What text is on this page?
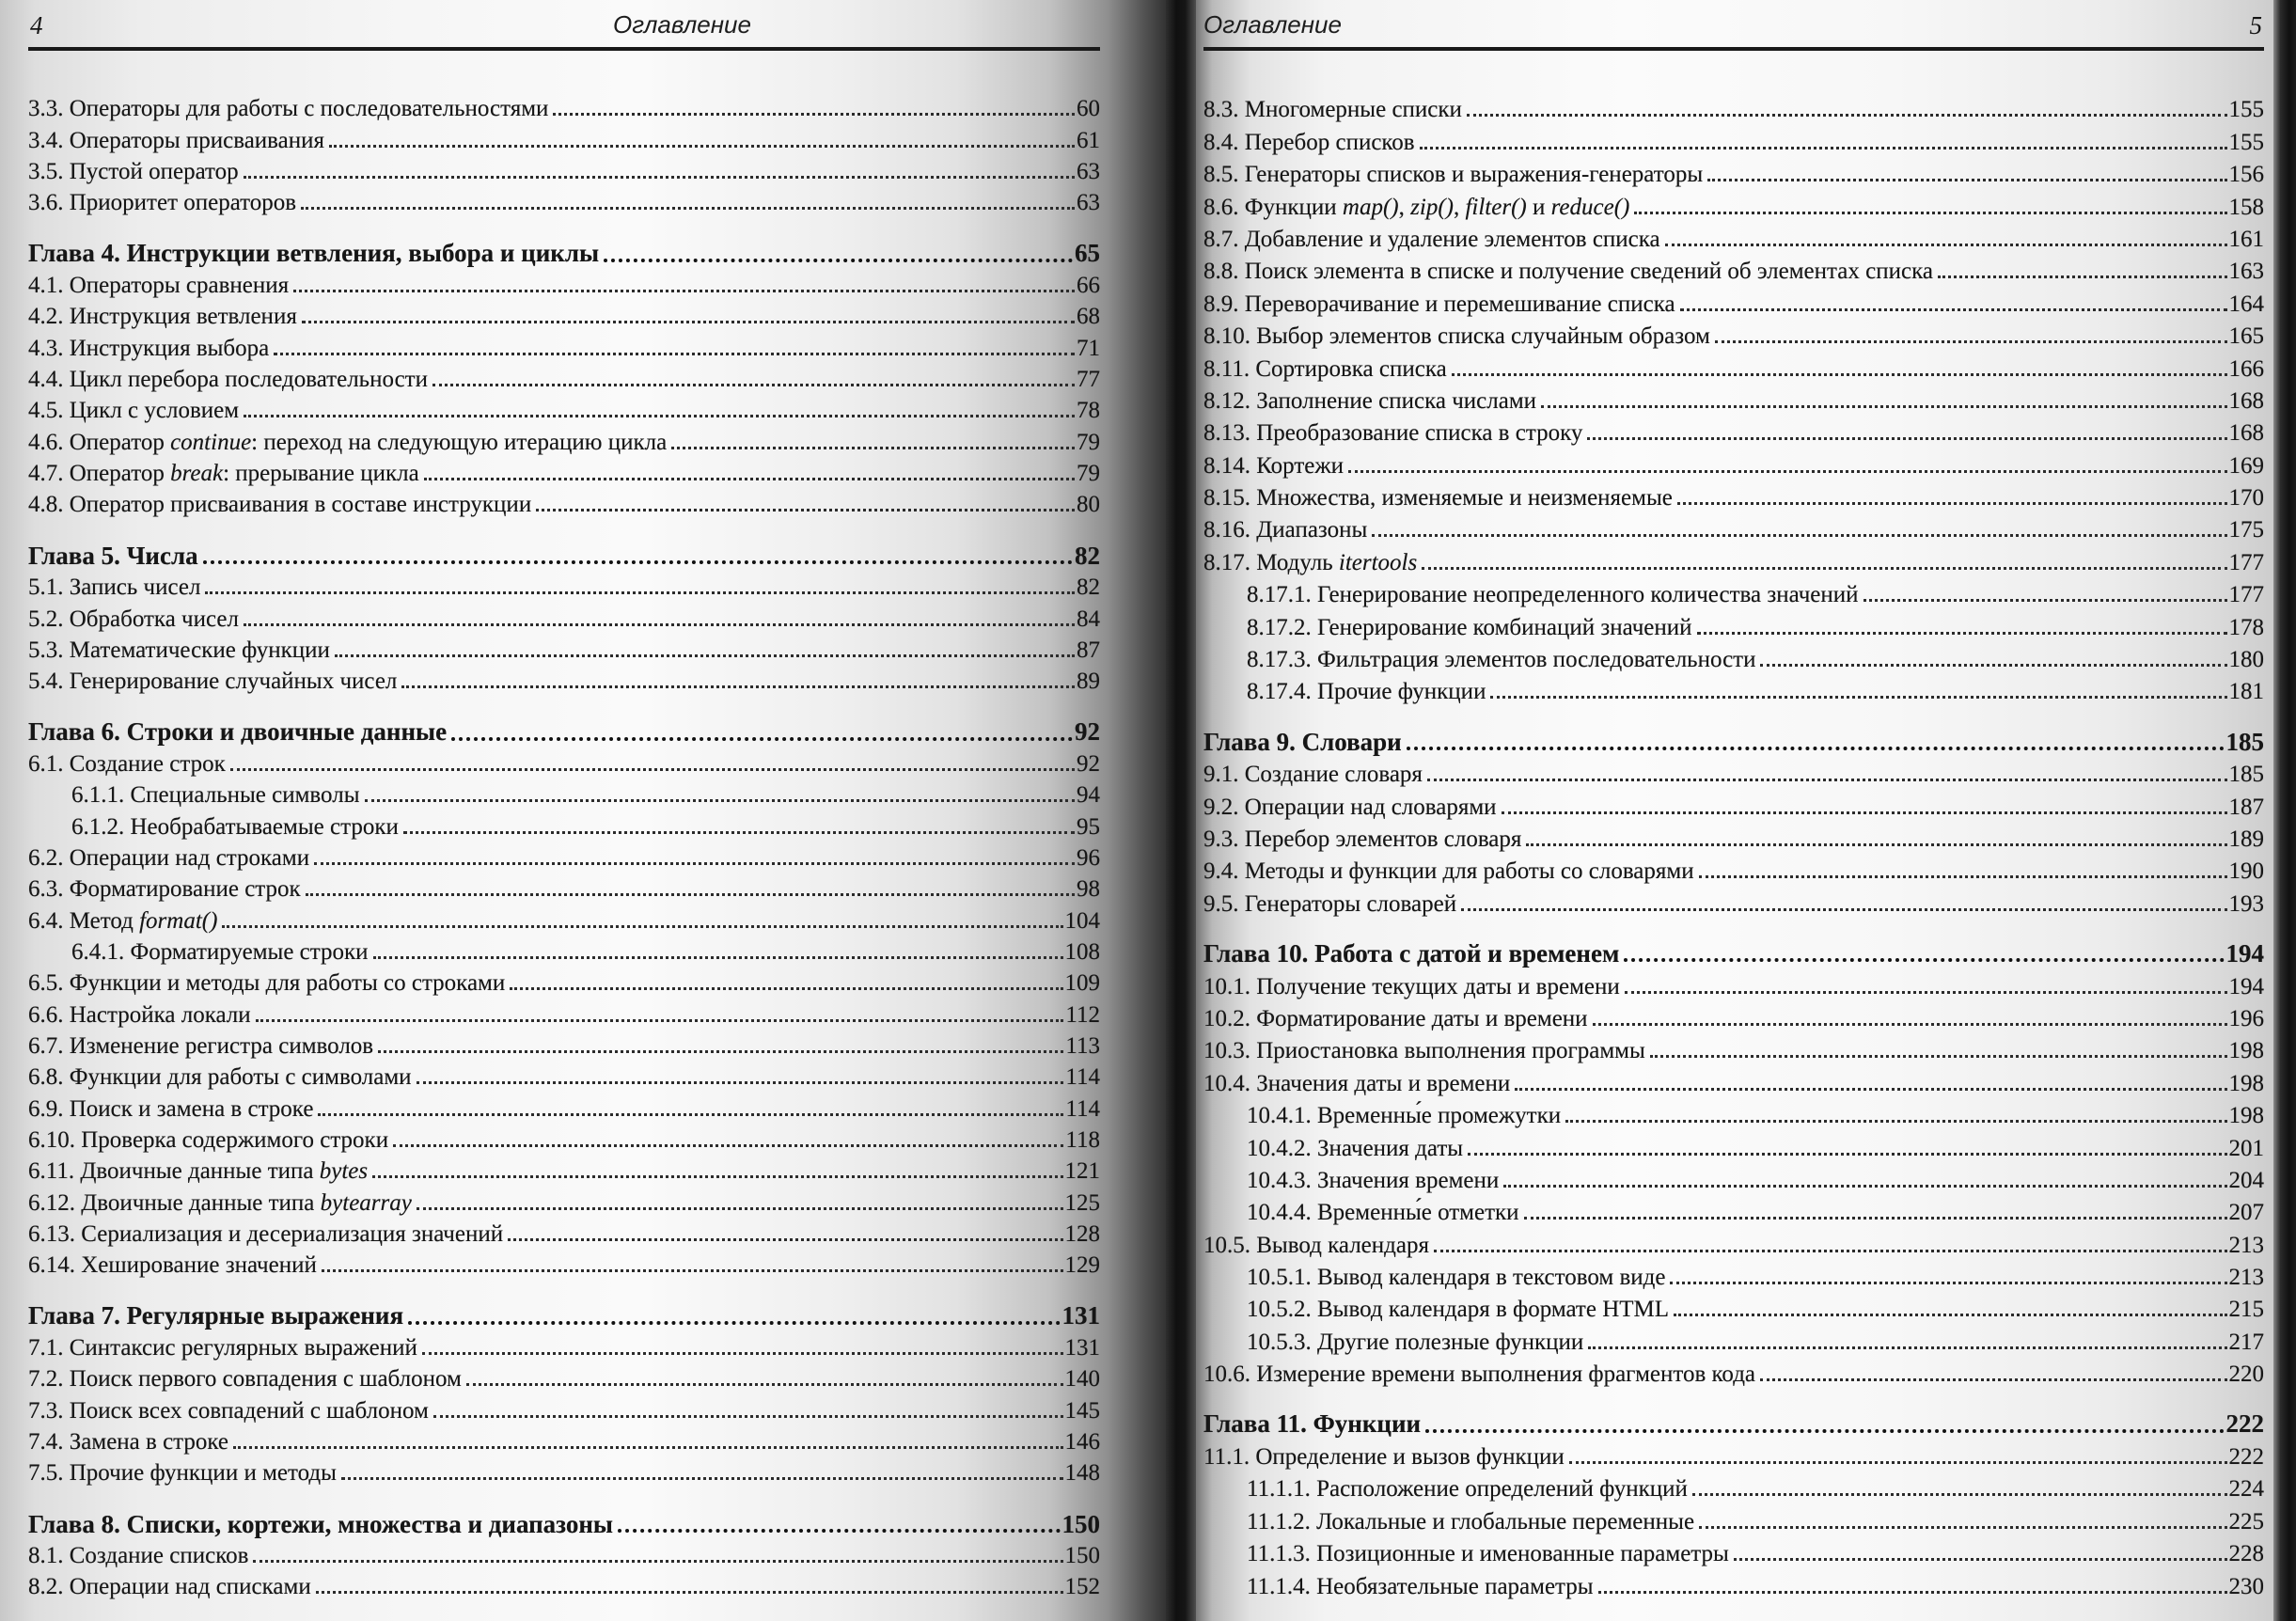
4	Оглавление
3.3. Операторы для работы с последовательностями	60
3.4. Операторы присваивания	61
3.5. Пустой оператор	63
3.6. Приоритет операторов	63
Глава 4. Инструкции ветвления, выбора и циклы	65
4.1. Операторы сравнения	66
4.2. Инструкция ветвления	68
4.3. Инструкция выбора	71
4.4. Цикл перебора последовательности	77
4.5. Цикл с условием	78
4.6. Оператор continue: переход на следующую итерацию цикла	79
4.7. Оператор break: прерывание цикла	79
4.8. Оператор присваивания в составе инструкции	80
Глава 5. Числа	82
5.1. Запись чисел	82
5.2. Обработка чисел	84
5.3. Математические функции	87
5.4. Генерирование случайных чисел	89
Глава 6. Строки и двоичные данные	92
6.1. Создание строк	92
6.1.1. Специальные символы	94
6.1.2. Необрабатываемые строки	95
6.2. Операции над строками	96
6.3. Форматирование строк	98
6.4. Метод format()	104
6.4.1. Форматируемые строки	108
6.5. Функции и методы для работы со строками	109
6.6. Настройка локали	112
6.7. Изменение регистра символов	113
6.8. Функции для работы с символами	114
6.9. Поиск и замена в строке	114
6.10. Проверка содержимого строки	118
6.11. Двоичные данные типа bytes	121
6.12. Двоичные данные типа bytearray	125
6.13. Сериализация и десериализация значений	128
6.14. Хеширование значений	129
Глава 7. Регулярные выражения	131
7.1. Синтаксис регулярных выражений	131
7.2. Поиск первого совпадения с шаблоном	140
7.3. Поиск всех совпадений с шаблоном	145
7.4. Замена в строке	146
7.5. Прочие функции и методы	148
Глава 8. Списки, кортежи, множества и диапазоны	150
8.1. Создание списков	150
8.2. Операции над списками	152
Оглавление	5
8.3. Многомерные списки	155
8.4. Перебор списков	155
8.5. Генераторы списков и выражения-генераторы	156
8.6. Функции map(), zip(), filter() и reduce()	158
8.7. Добавление и удаление элементов списка	161
8.8. Поиск элемента в списке и получение сведений об элементах списка	163
8.9. Переворачивание и перемешивание списка	164
8.10. Выбор элементов списка случайным образом	165
8.11. Сортировка списка	166
8.12. Заполнение списка числами	168
8.13. Преобразование списка в строку	168
8.14. Кортежи	169
8.15. Множества, изменяемые и неизменяемые	170
8.16. Диапазоны	175
8.17. Модуль itertools	177
8.17.1. Генерирование неопределенного количества значений	177
8.17.2. Генерирование комбинаций значений	178
8.17.3. Фильтрация элементов последовательности	180
8.17.4. Прочие функции	181
Глава 9. Словари	185
9.1. Создание словаря	185
9.2. Операции над словарями	187
9.3. Перебор элементов словаря	189
9.4. Методы и функции для работы со словарями	190
9.5. Генераторы словарей	193
Глава 10. Работа с датой и временем	194
10.1. Получение текущих даты и времени	194
10.2. Форматирование даты и времени	196
10.3. Приостановка выполнения программы	198
10.4. Значения даты и времени	198
10.4.1. Временны́е промежутки	198
10.4.2. Значения даты	201
10.4.3. Значения времени	204
10.4.4. Временны́е отметки	207
10.5. Вывод календаря	213
10.5.1. Вывод календаря в текстовом виде	213
10.5.2. Вывод календаря в формате HTML	215
10.5.3. Другие полезные функции	217
10.6. Измерение времени выполнения фрагментов кода	220
Глава 11. Функции	222
11.1. Определение и вызов функции	222
11.1.1. Расположение определений функций	224
11.1.2. Локальные и глобальные переменные	225
11.1.3. Позиционные и именованные параметры	228
11.1.4. Необязательные параметры	230
